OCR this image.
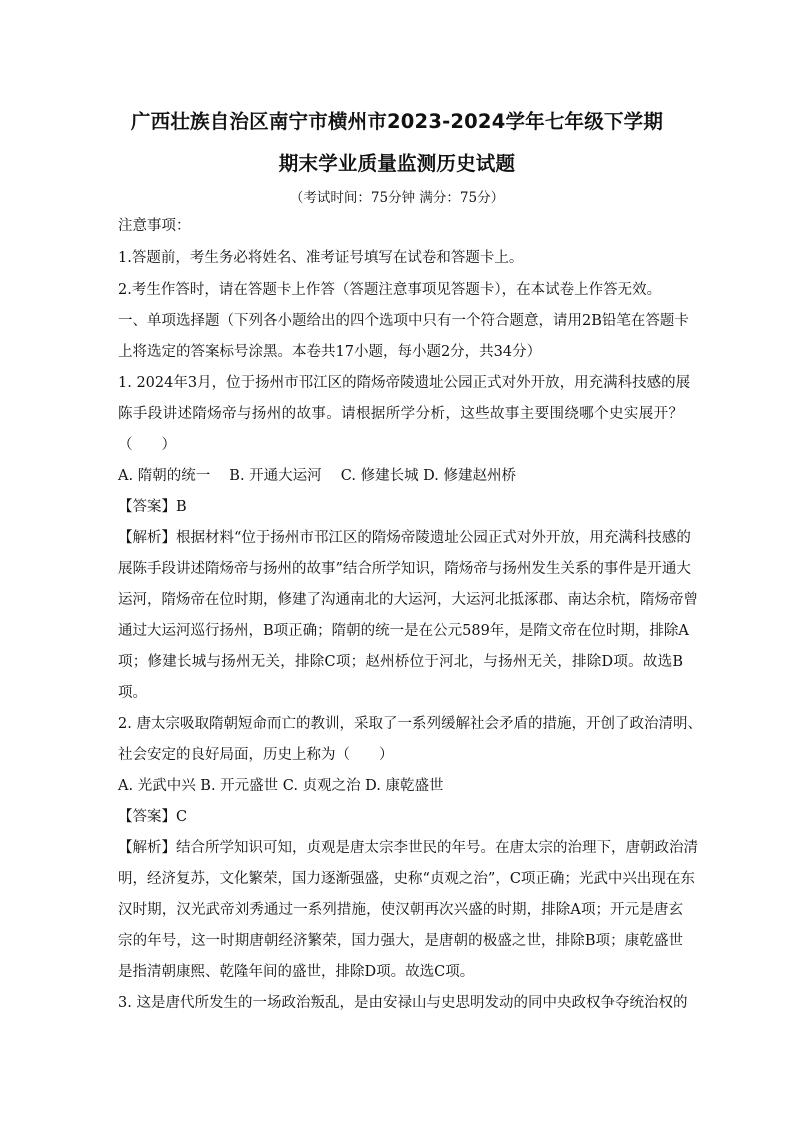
广西壮族自治区南宁市横州市2023-2024学年七年级下学期
期末学业质量监测历史试题
（考试时间：75分钟 满分：75分）
注意事项：
1.答题前，考生务必将姓名、准考证号填写在试卷和答题卡上。
2.考生作答时，请在答题卡上作答（答题注意事项见答题卡），在本试卷上作答无效。
一、单项选择题（下列各小题给出的四个选项中只有一个符合题意，请用2B铅笔在答题卡
上将选定的答案标号涂黑。本卷共17小题，每小题2分，共34分）
1. 2024年3月，位于扬州市邗江区的隋炀帝陵遗址公园正式对外开放，用充满科技感的展
陈手段讲述隋炀帝与扬州的故事。请根据所学分析，这些故事主要围绕哪个史实展开？
（　　）
A. 隋朝的统一　 B. 开通大运河　 C. 修建长城 D. 修建赵州桥
【答案】B
【解析】根据材料“位于扬州市邗江区的隋炀帝陵遗址公园正式对外开放，用充满科技感的
展陈手段讲述隋炀帝与扬州的故事”结合所学知识，隋炀帝与扬州发生关系的事件是开通大
运河，隋炀帝在位时期，修建了沟通南北的大运河，大运河北抵涿郡、南达余杭，隋炀帝曾
通过大运河巡行扬州，B项正确；隋朝的统一是在公元589年，是隋文帝在位时期，排除A
项；修建长城与扬州无关，排除C项；赵州桥位于河北，与扬州无关，排除D项。故选B
项。
2. 唐太宗吸取隋朝短命而亡的教训，采取了一系列缓解社会矛盾的措施，开创了政治清明、
社会安定的良好局面，历史上称为（　　）
A. 光武中兴 B. 开元盛世 C. 贞观之治 D. 康乾盛世
【答案】C
【解析】结合所学知识可知，贞观是唐太宗李世民的年号。在唐太宗的治理下，唐朝政治清
明，经济复苏，文化繁荣，国力逐渐强盛，史称“贞观之治”，C项正确；光武中兴出现在东
汉时期，汉光武帝刘秀通过一系列措施，使汉朝再次兴盛的时期，排除A项；开元是唐玄
宗的年号，这一时期唐朝经济繁荣，国力强大，是唐朝的极盛之世，排除B项；康乾盛世
是指清朝康熙、乾隆年间的盛世，排除D项。故选C项。
3. 这是唐代所发生的一场政治叛乱，是由安禄山与史思明发动的同中央政权争夺统治权的
